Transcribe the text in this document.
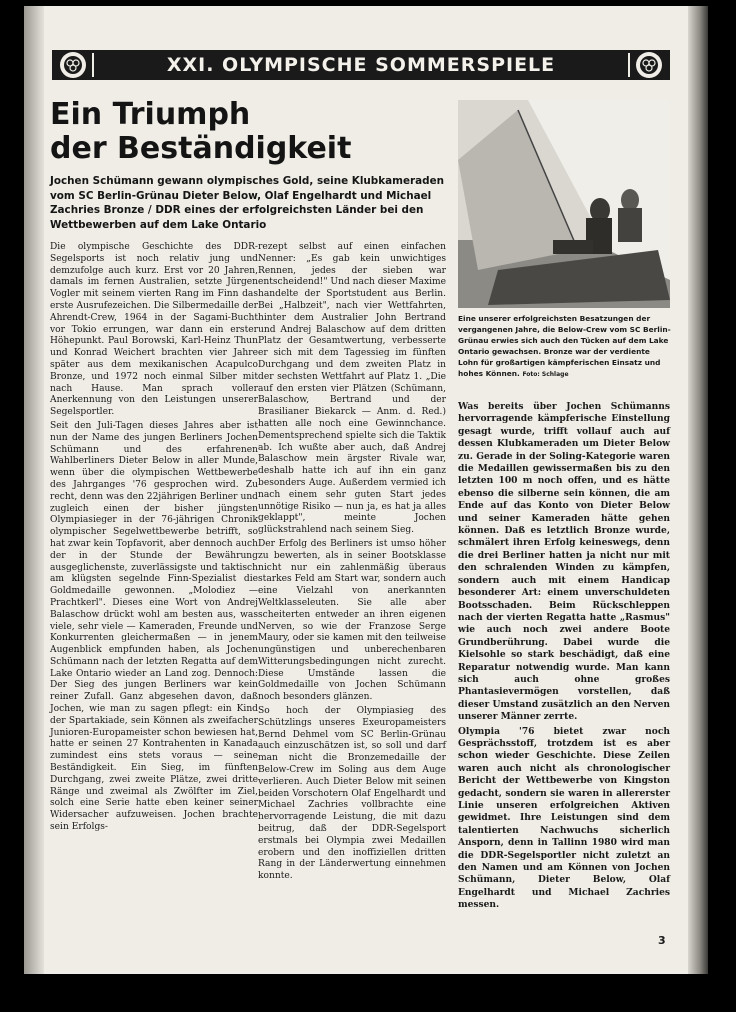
XXI. OLYMPISCHE SOMMERSPIELE
Ein Triumph
der Beständigkeit

Jochen Schümann gewann olympisches Gold, seine Klubkameraden vom SC Berlin-Grünau Dieter Below, Olaf Engelhardt und Michael Zachries Bronze / DDR eines der erfolgreichsten Länder bei den Wettbewerben auf dem Lake Ontario

Eine unserer erfolgreichsten Besatzungen der vergangenen Jahre, die Below-Crew vom SC Berlin-Grünau erwies sich auch den Tücken auf dem Lake Ontario gewachsen. Bronze war der verdiente Lohn für großartigen kämpferischen Einsatz und hohes Können. Foto: Schlage

Die olympische Geschichte des DDR-Segelsports ist noch relativ jung und demzufolge auch kurz. Erst vor 20 Jahren, damals im fernen Australien, setzte Jürgen Vogler mit seinem vierten Rang im Finn das erste Ausrufezeichen. Die Silbermedaille der Ahrendt-Crew, 1964 in der Sagami-Bucht vor Tokio errungen, war dann ein erster Höhepunkt. Paul Borowski, Karl-Heinz Thun und Konrad Weichert brachten vier Jahre später aus dem mexikanischen Acapulco Bronze, und 1972 noch einmal Silber mit nach Hause. Man sprach voller Anerkennung von den Leistungen unserer Segelsportler.

Seit den Juli-Tagen dieses Jahres aber ist nun der Name des jungen Berliners Jochen Schümann und des erfahrenen Wahlberliners Dieter Below in aller Munde, wenn über die olympischen Wettbewerbe des Jahrganges '76 gesprochen wird. Zu recht, denn was den 22jährigen Berliner und zugleich einen der bisher jüngsten Olympiasieger in der 76-jährigen Chronik olympischer Segelwettbewerbe betrifft, so hat zwar kein Topfavorit, aber dennoch auch der in der Stunde der Bewährung ausgeglichenste, zuverlässigste und taktisch am klügsten segelnde Finn-Spezialist die Goldmedaille gewonnen. „Molodiez — Prachtkerl". Dieses eine Wort von Andrej Balaschow drückt wohl am besten aus, was viele, sehr viele — Kameraden, Freunde und Konkurrenten gleichermaßen — in jenem Augenblick empfunden haben, als Jochen Schümann nach der letzten Regatta auf dem Lake Ontario wieder an Land zog. Dennoch: Der Sieg des jungen Berliners war kein reiner Zufall. Ganz abgesehen davon, daß Jochen, wie man zu sagen pflegt: ein Kind der Spartakiade, sein Können als zweifacher Junioren-Europameister schon bewiesen hat, hatte er seinen 27 Kontrahenten in Kanada zumindest eins stets voraus — seine Beständigkeit. Ein Sieg, im fünften Durchgang, zwei zweite Plätze, zwei dritte Ränge und zweimal als Zwölfter im Ziel, solch eine Serie hatte eben keiner seiner Widersacher aufzuweisen. Jochen brachte sein Erfolgs-

rezept selbst auf einen einfachen Nenner: „Es gab kein unwichtiges Rennen, jedes der sieben war entscheidend!" Und nach dieser Maxime handelte der Sportstudent aus Berlin. Bei „Halbzeit", nach vier Wettfahrten, hinter dem Australier John Bertrand und Andrej Balaschow auf dem dritten Platz der Gesamtwertung, verbesserte er sich mit dem Tagessieg im fünften Durchgang und dem zweiten Platz in der sechsten Wettfahrt auf Platz 1. „Die auf den ersten vier Plätzen (Schümann, Balaschow, Bertrand und der Brasilianer Biekarck — Anm. d. Red.) hatten alle noch eine Gewinnchance. Dementsprechend spielte sich die Taktik ab. Ich wußte aber auch, daß Andrej Balaschow mein ärgster Rivale war, deshalb hatte ich auf ihn ein ganz besonders Auge. Außerdem vermied ich nach einem sehr guten Start jedes unnötige Risiko — nun ja, es hat ja alles geklappt", meinte Jochen glückstrahlend nach seinem Sieg.

Der Erfolg des Berliners ist umso höher zu bewerten, als in seiner Bootsklasse nicht nur ein zahlenmäßig überaus starkes Feld am Start war, sondern auch eine Vielzahl von anerkannten Weltklasseleuten. Sie alle aber scheiterten entweder an ihren eigenen Nerven, so wie der Franzose Serge Maury, oder sie kamen mit den teilweise ungünstigen und unberechenbaren Witterungsbedingungen nicht zurecht. Diese Umstände lassen die Goldmedaille von Jochen Schümann noch besonders glänzen.

So hoch der Olympiasieg des Schützlings unseres Exeuropameisters Bernd Dehmel vom SC Berlin-Grünau auch einzuschätzen ist, so soll und darf man nicht die Bronzemedaille der Below-Crew im Soling aus dem Auge verlieren. Auch Dieter Below mit seinen beiden Vorschotern Olaf Engelhardt und Michael Zachries vollbrachte eine hervorragende Leistung, die mit dazu beitrug, daß der DDR-Segelsport erstmals bei Olympia zwei Medaillen erobern und den inoffiziellen dritten Rang in der Länderwertung einnehmen konnte.

Was bereits über Jochen Schümanns hervorragende kämpferische Einstellung gesagt wurde, trifft vollauf auch auf dessen Klubkameraden um Dieter Below zu. Gerade in der Soling-Kategorie waren die Medaillen gewissermaßen bis zu den letzten 100 m noch offen, und es hätte ebenso die silberne sein können, die am Ende auf das Konto von Dieter Below und seiner Kameraden hätte gehen können. Daß es letztlich Bronze wurde, schmälert ihren Erfolg keineswegs, denn die drei Berliner hatten ja nicht nur mit den schralenden Winden zu kämpfen, sondern auch mit einem Handicap besonderer Art: einem unverschuldeten Bootsschaden. Beim Rückschleppen nach der vierten Regatta hatte „Rasmus" wie auch noch zwei andere Boote Grundberührung. Dabei wurde die Kielsohle so stark beschädigt, daß eine Reparatur notwendig wurde. Man kann sich auch ohne großes Phantasievermögen vorstellen, daß dieser Umstand zusätzlich an den Nerven unserer Männer zerrte.

Olympia '76 bietet zwar noch Gesprächsstoff, trotzdem ist es aber schon wieder Geschichte. Diese Zeilen waren auch nicht als chronologischer Bericht der Wettbewerbe von Kingston gedacht, sondern sie waren in allererster Linie unseren erfolgreichen Aktiven gewidmet. Ihre Leistungen sind dem talentierten Nachwuchs sicherlich Ansporn, denn in Tallinn 1980 wird man die DDR-Segelsportler nicht zuletzt an den Namen und am Können von Jochen Schümann, Dieter Below, Olaf Engelhardt und Michael Zachries messen.

3
